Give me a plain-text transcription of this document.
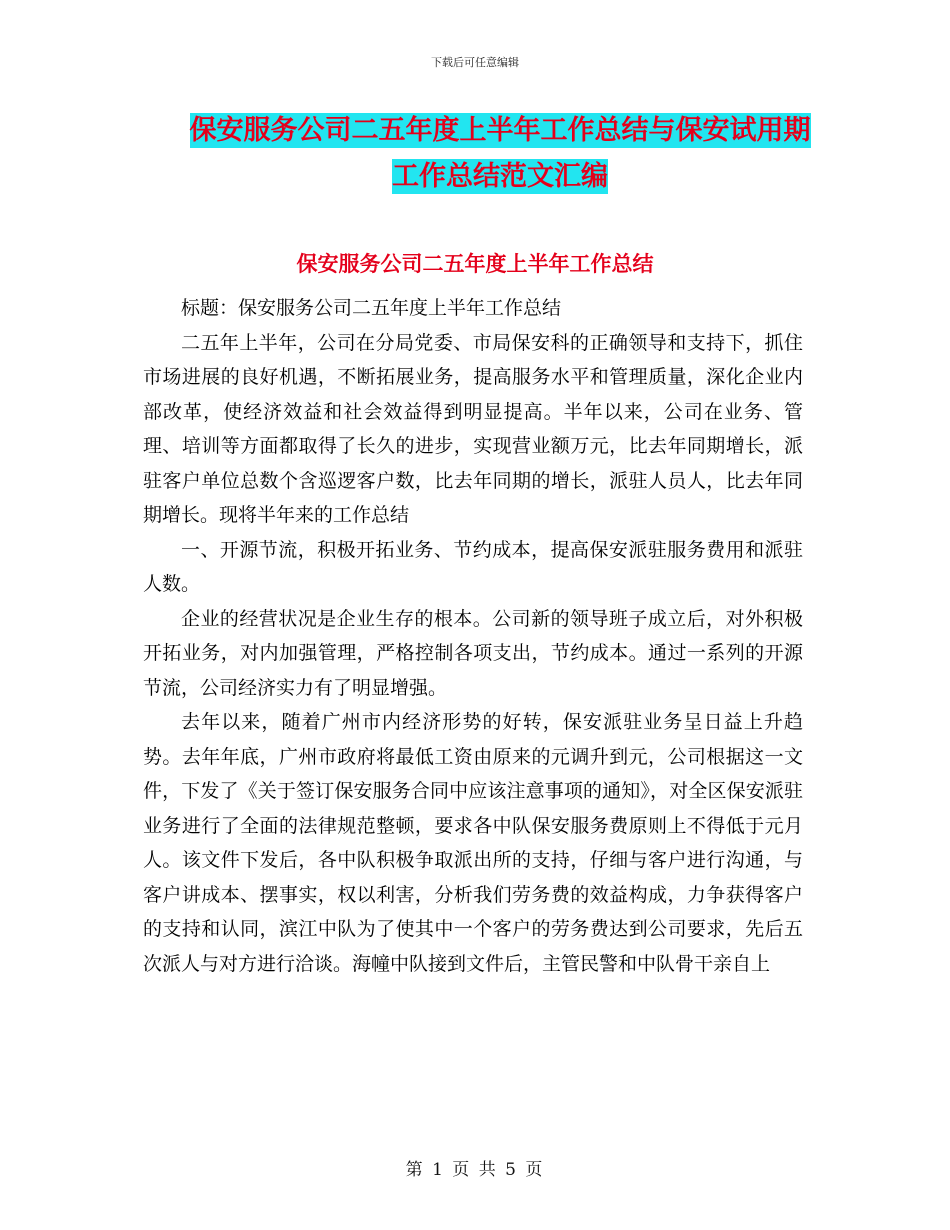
下载后可任意编辑
保安服务公司二五年度上半年工作总结与保安试用期
工作总结范文汇编
保安服务公司二五年度上半年工作总结

标题：保安服务公司二五年度上半年工作总结

二五年上半年，公司在分局党委、市局保安科的正确领导和支持下，抓住市场进展的良好机遇，不断拓展业务，提高服务水平和管理质量，深化企业内部改革，使经济效益和社会效益得到明显提高。半年以来，公司在业务、管理、培训等方面都取得了长久的进步，实现营业额万元，比去年同期增长，派驻客户单位总数个含巡逻客户数，比去年同期的增长，派驻人员人，比去年同期增长。现将半年来的工作总结

一、开源节流，积极开拓业务、节约成本，提高保安派驻服务费用和派驻人数。

企业的经营状况是企业生存的根本。公司新的领导班子成立后，对外积极开拓业务，对内加强管理，严格控制各项支出，节约成本。通过一系列的开源节流，公司经济实力有了明显增强。

去年以来，随着广州市内经济形势的好转，保安派驻业务呈日益上升趋势。去年年底，广州市政府将最低工资由原来的元调升到元，公司根据这一文件，下发了《关于签订保安服务合同中应该注意事项的通知》，对全区保安派驻业务进行了全面的法律规范整顿，要求各中队保安服务费原则上不得低于元月人。该文件下发后，各中队积极争取派出所的支持，仔细与客户进行沟通，与客户讲成本、摆事实，权以利害，分析我们劳务费的效益构成，力争获得客户的支持和认同，滨江中队为了使其中一个客户的劳务费达到公司要求，先后五次派人与对方进行洽谈。海幢中队接到文件后，主管民警和中队骨干亲自上

第 1 页 共 5 页
